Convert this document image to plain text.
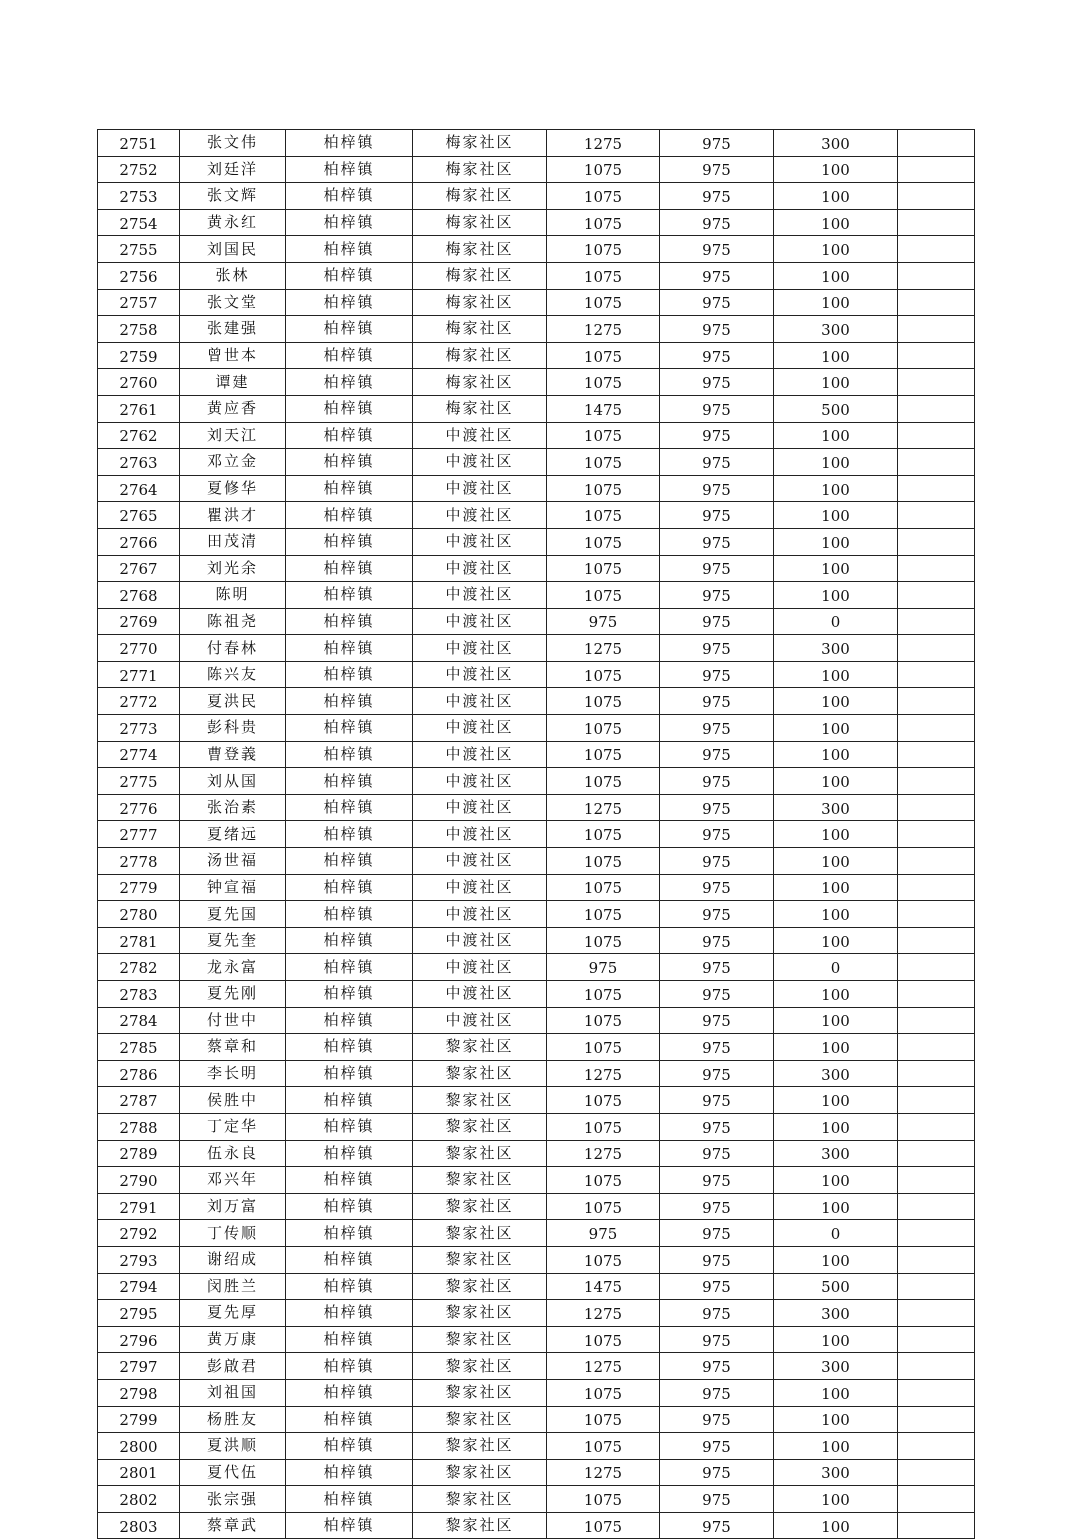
2751	张文伟	柏梓镇	梅家社区	1275	975	300	
2752	刘廷洋	柏梓镇	梅家社区	1075	975	100	
2753	张文辉	柏梓镇	梅家社区	1075	975	100	
2754	黄永红	柏梓镇	梅家社区	1075	975	100	
2755	刘国民	柏梓镇	梅家社区	1075	975	100	
2756	张林	柏梓镇	梅家社区	1075	975	100	
2757	张文堂	柏梓镇	梅家社区	1075	975	100	
2758	张建强	柏梓镇	梅家社区	1275	975	300	
2759	曾世本	柏梓镇	梅家社区	1075	975	100	
2760	谭建	柏梓镇	梅家社区	1075	975	100	
2761	黄应香	柏梓镇	梅家社区	1475	975	500	
2762	刘天江	柏梓镇	中渡社区	1075	975	100	
2763	邓立金	柏梓镇	中渡社区	1075	975	100	
2764	夏修华	柏梓镇	中渡社区	1075	975	100	
2765	瞿洪才	柏梓镇	中渡社区	1075	975	100	
2766	田茂清	柏梓镇	中渡社区	1075	975	100	
2767	刘光余	柏梓镇	中渡社区	1075	975	100	
2768	陈明	柏梓镇	中渡社区	1075	975	100	
2769	陈祖尧	柏梓镇	中渡社区	975	975	0	
2770	付春林	柏梓镇	中渡社区	1275	975	300	
2771	陈兴友	柏梓镇	中渡社区	1075	975	100	
2772	夏洪民	柏梓镇	中渡社区	1075	975	100	
2773	彭科贵	柏梓镇	中渡社区	1075	975	100	
2774	曹登義	柏梓镇	中渡社区	1075	975	100	
2775	刘从国	柏梓镇	中渡社区	1075	975	100	
2776	张治素	柏梓镇	中渡社区	1275	975	300	
2777	夏绪远	柏梓镇	中渡社区	1075	975	100	
2778	汤世福	柏梓镇	中渡社区	1075	975	100	
2779	钟宣福	柏梓镇	中渡社区	1075	975	100	
2780	夏先国	柏梓镇	中渡社区	1075	975	100	
2781	夏先奎	柏梓镇	中渡社区	1075	975	100	
2782	龙永富	柏梓镇	中渡社区	975	975	0	
2783	夏先刚	柏梓镇	中渡社区	1075	975	100	
2784	付世中	柏梓镇	中渡社区	1075	975	100	
2785	蔡章和	柏梓镇	黎家社区	1075	975	100	
2786	李长明	柏梓镇	黎家社区	1275	975	300	
2787	侯胜中	柏梓镇	黎家社区	1075	975	100	
2788	丁定华	柏梓镇	黎家社区	1075	975	100	
2789	伍永良	柏梓镇	黎家社区	1275	975	300	
2790	邓兴年	柏梓镇	黎家社区	1075	975	100	
2791	刘万富	柏梓镇	黎家社区	1075	975	100	
2792	丁传顺	柏梓镇	黎家社区	975	975	0	
2793	谢绍成	柏梓镇	黎家社区	1075	975	100	
2794	闵胜兰	柏梓镇	黎家社区	1475	975	500	
2795	夏先厚	柏梓镇	黎家社区	1275	975	300	
2796	黄万康	柏梓镇	黎家社区	1075	975	100	
2797	彭啟君	柏梓镇	黎家社区	1275	975	300	
2798	刘祖国	柏梓镇	黎家社区	1075	975	100	
2799	杨胜友	柏梓镇	黎家社区	1075	975	100	
2800	夏洪顺	柏梓镇	黎家社区	1075	975	100	
2801	夏代伍	柏梓镇	黎家社区	1275	975	300	
2802	张宗强	柏梓镇	黎家社区	1075	975	100	
2803	蔡章武	柏梓镇	黎家社区	1075	975	100	
